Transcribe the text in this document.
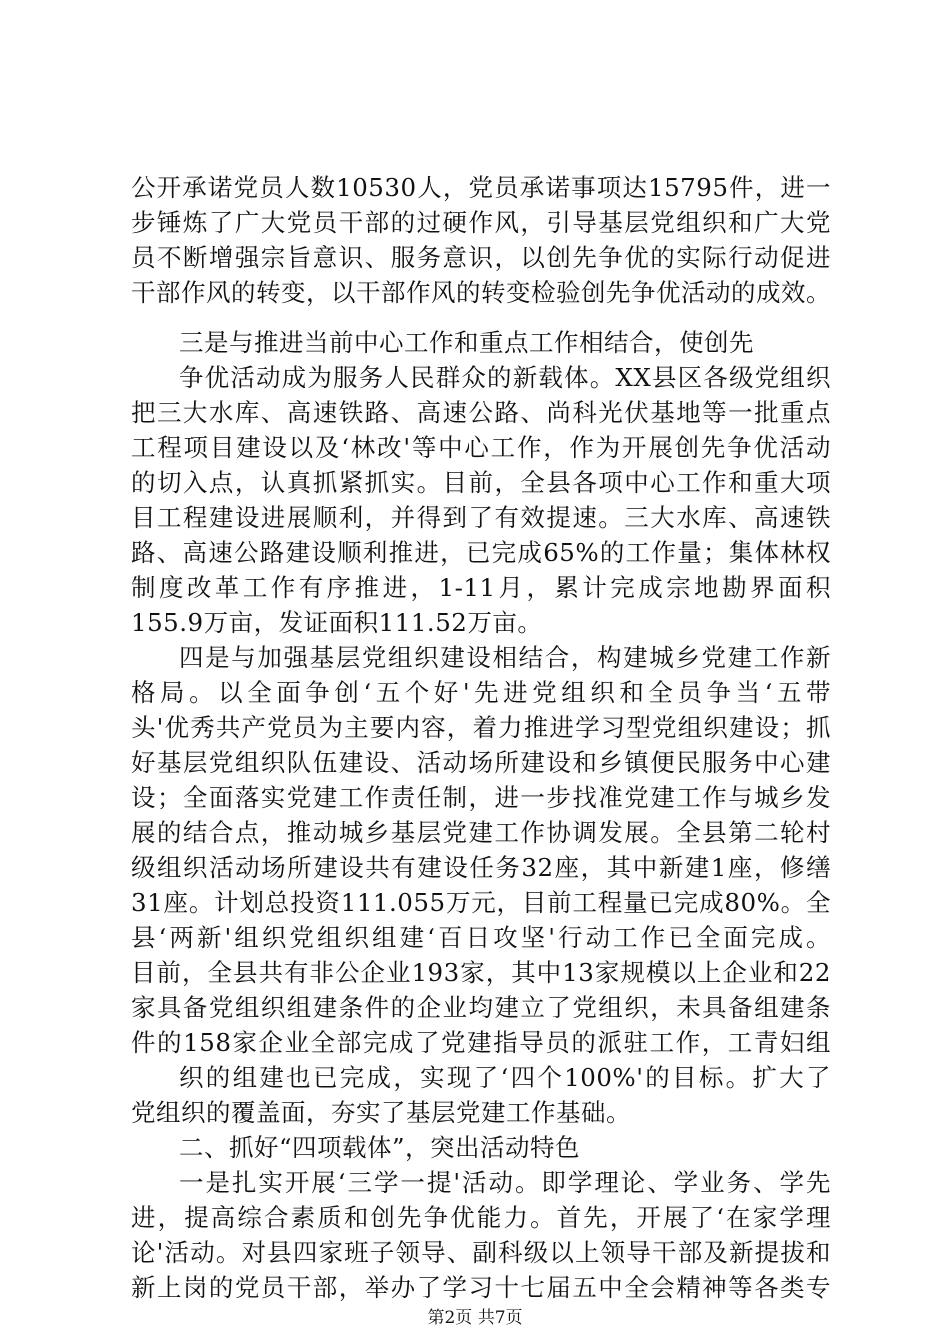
公开承诺党员人数10530人，党员承诺事项达15795件，进一
步锤炼了广大党员干部的过硬作风，引导基层党组织和广大党
员不断增强宗旨意识、服务意识，以创先争优的实际行动促进
干部作风的转变，以干部作风的转变检验创先争优活动的成效。
三是与推进当前中心工作和重点工作相结合，使创先
争优活动成为服务人民群众的新载体。XX县区各级党组织
把三大水库、高速铁路、高速公路、尚科光伏基地等一批重点
工程项目建设以及‘林改'等中心工作，作为开展创先争优活动
的切入点，认真抓紧抓实。目前，全县各项中心工作和重大项
目工程建设进展顺利，并得到了有效提速。三大水库、高速铁
路、高速公路建设顺利推进，已完成65%的工作量；集体林权
制度改革工作有序推进，1-11月，累计完成宗地勘界面积
155.9万亩，发证面积111.52万亩。
四是与加强基层党组织建设相结合，构建城乡党建工作新
格局。以全面争创‘五个好'先进党组织和全员争当‘五带
头'优秀共产党员为主要内容，着力推进学习型党组织建设；抓
好基层党组织队伍建设、活动场所建设和乡镇便民服务中心建
设；全面落实党建工作责任制，进一步找准党建工作与城乡发
展的结合点，推动城乡基层党建工作协调发展。全县第二轮村
级组织活动场所建设共有建设任务32座，其中新建1座，修缮
31座。计划总投资111.055万元，目前工程量已完成80%。全
县‘两新'组织党组织组建‘百日攻坚'行动工作已全面完成。
目前，全县共有非公企业193家，其中13家规模以上企业和22
家具备党组织组建条件的企业均建立了党组织，未具备组建条
件的158家企业全部完成了党建指导员的派驻工作，工青妇组
织的组建也已完成，实现了‘四个100%'的目标。扩大了
党组织的覆盖面，夯实了基层党建工作基础。
二、抓好“四项载体”，突出活动特色
一是扎实开展‘三学一提'活动。即学理论、学业务、学先
进，提高综合素质和创先争优能力。首先，开展了‘在家学理
论'活动。对县四家班子领导、副科级以上领导干部及新提拔和
新上岗的党员干部，举办了学习十七届五中全会精神等各类专
第2页 共7页
